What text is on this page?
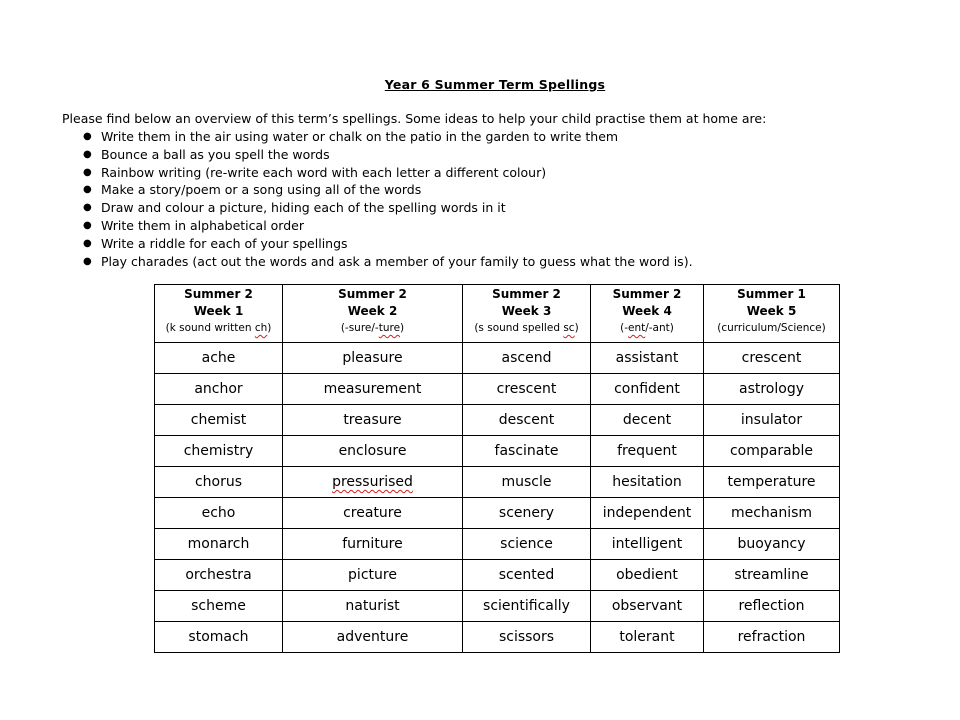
Year 6 Summer Term Spellings
Please find below an overview of this term’s spellings. Some ideas to help your child practise them at home are:
● Write them in the air using water or chalk on the patio in the garden to write them
● Bounce a ball as you spell the words
● Rainbow writing (re-write each word with each letter a different colour)
● Make a story/poem or a song using all of the words
● Draw and colour a picture, hiding each of the spelling words in it
● Write them in alphabetical order
● Write a riddle for each of your spellings
● Play charades (act out the words and ask a member of your family to guess what the word is).
Summer 2
Week 1
(k sound written ch)	Summer 2
Week 2
(-sure/-ture)	Summer 2
Week 3
(s sound spelled sc)	Summer 2
Week 4
(-ent/-ant)	Summer 1
Week 5
(curriculum/Science)

ache	pleasure	ascend	assistant	crescent
anchor	measurement	crescent	confident	astrology
chemist	treasure	descent	decent	insulator
chemistry	enclosure	fascinate	frequent	comparable
chorus	pressurised	muscle	hesitation	temperature
echo	creature	scenery	independent	mechanism
monarch	furniture	science	intelligent	buoyancy
orchestra	picture	scented	obedient	streamline
scheme	naturist	scientifically	observant	reflection
stomach	adventure	scissors	tolerant	refraction
